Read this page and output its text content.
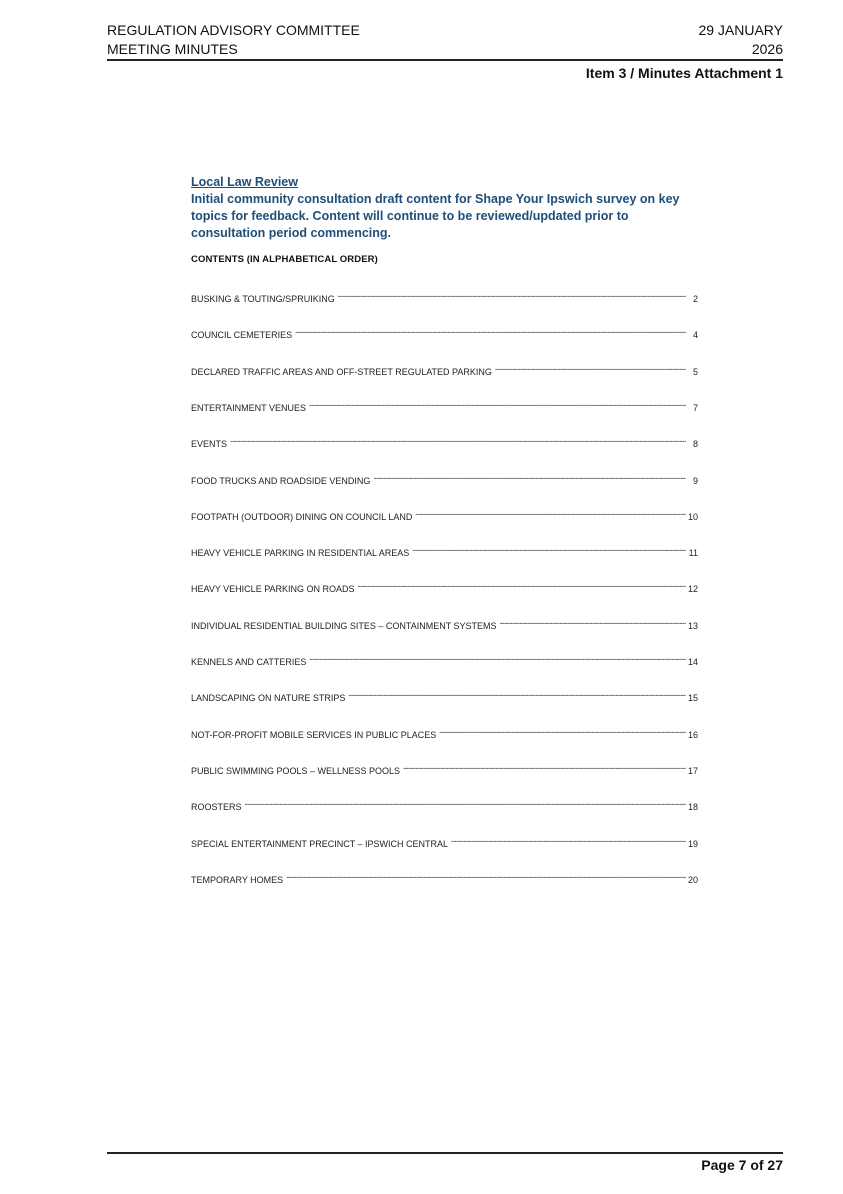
REGULATION ADVISORY COMMITTEE
MEETING MINUTES
29 JANUARY
2026
Item 3 / Minutes Attachment 1
Local Law Review
Initial community consultation draft content for Shape Your Ipswich survey on key topics for feedback. Content will continue to be reviewed/updated prior to consultation period commencing.
CONTENTS (IN ALPHABETICAL ORDER)
BUSKING & TOUTING/SPRUIKING -----	2
COUNCIL CEMETERIES -----	4
DECLARED TRAFFIC AREAS AND OFF-STREET REGULATED PARKING -----	5
ENTERTAINMENT VENUES -----	7
EVENTS -----	8
FOOD TRUCKS AND ROADSIDE VENDING -----	9
FOOTPATH (OUTDOOR) DINING ON COUNCIL LAND -----	10
HEAVY VEHICLE PARKING IN RESIDENTIAL AREAS -----	11
HEAVY VEHICLE PARKING ON ROADS -----	12
INDIVIDUAL RESIDENTIAL BUILDING SITES – CONTAINMENT SYSTEMS -----	13
KENNELS AND CATTERIES -----	14
LANDSCAPING ON NATURE STRIPS -----	15
NOT-FOR-PROFIT MOBILE SERVICES IN PUBLIC PLACES -----	16
PUBLIC SWIMMING POOLS – WELLNESS POOLS -----	17
ROOSTERS -----	18
SPECIAL ENTERTAINMENT PRECINCT – IPSWICH CENTRAL -----	19
TEMPORARY HOMES -----	20
Page 7 of 27
